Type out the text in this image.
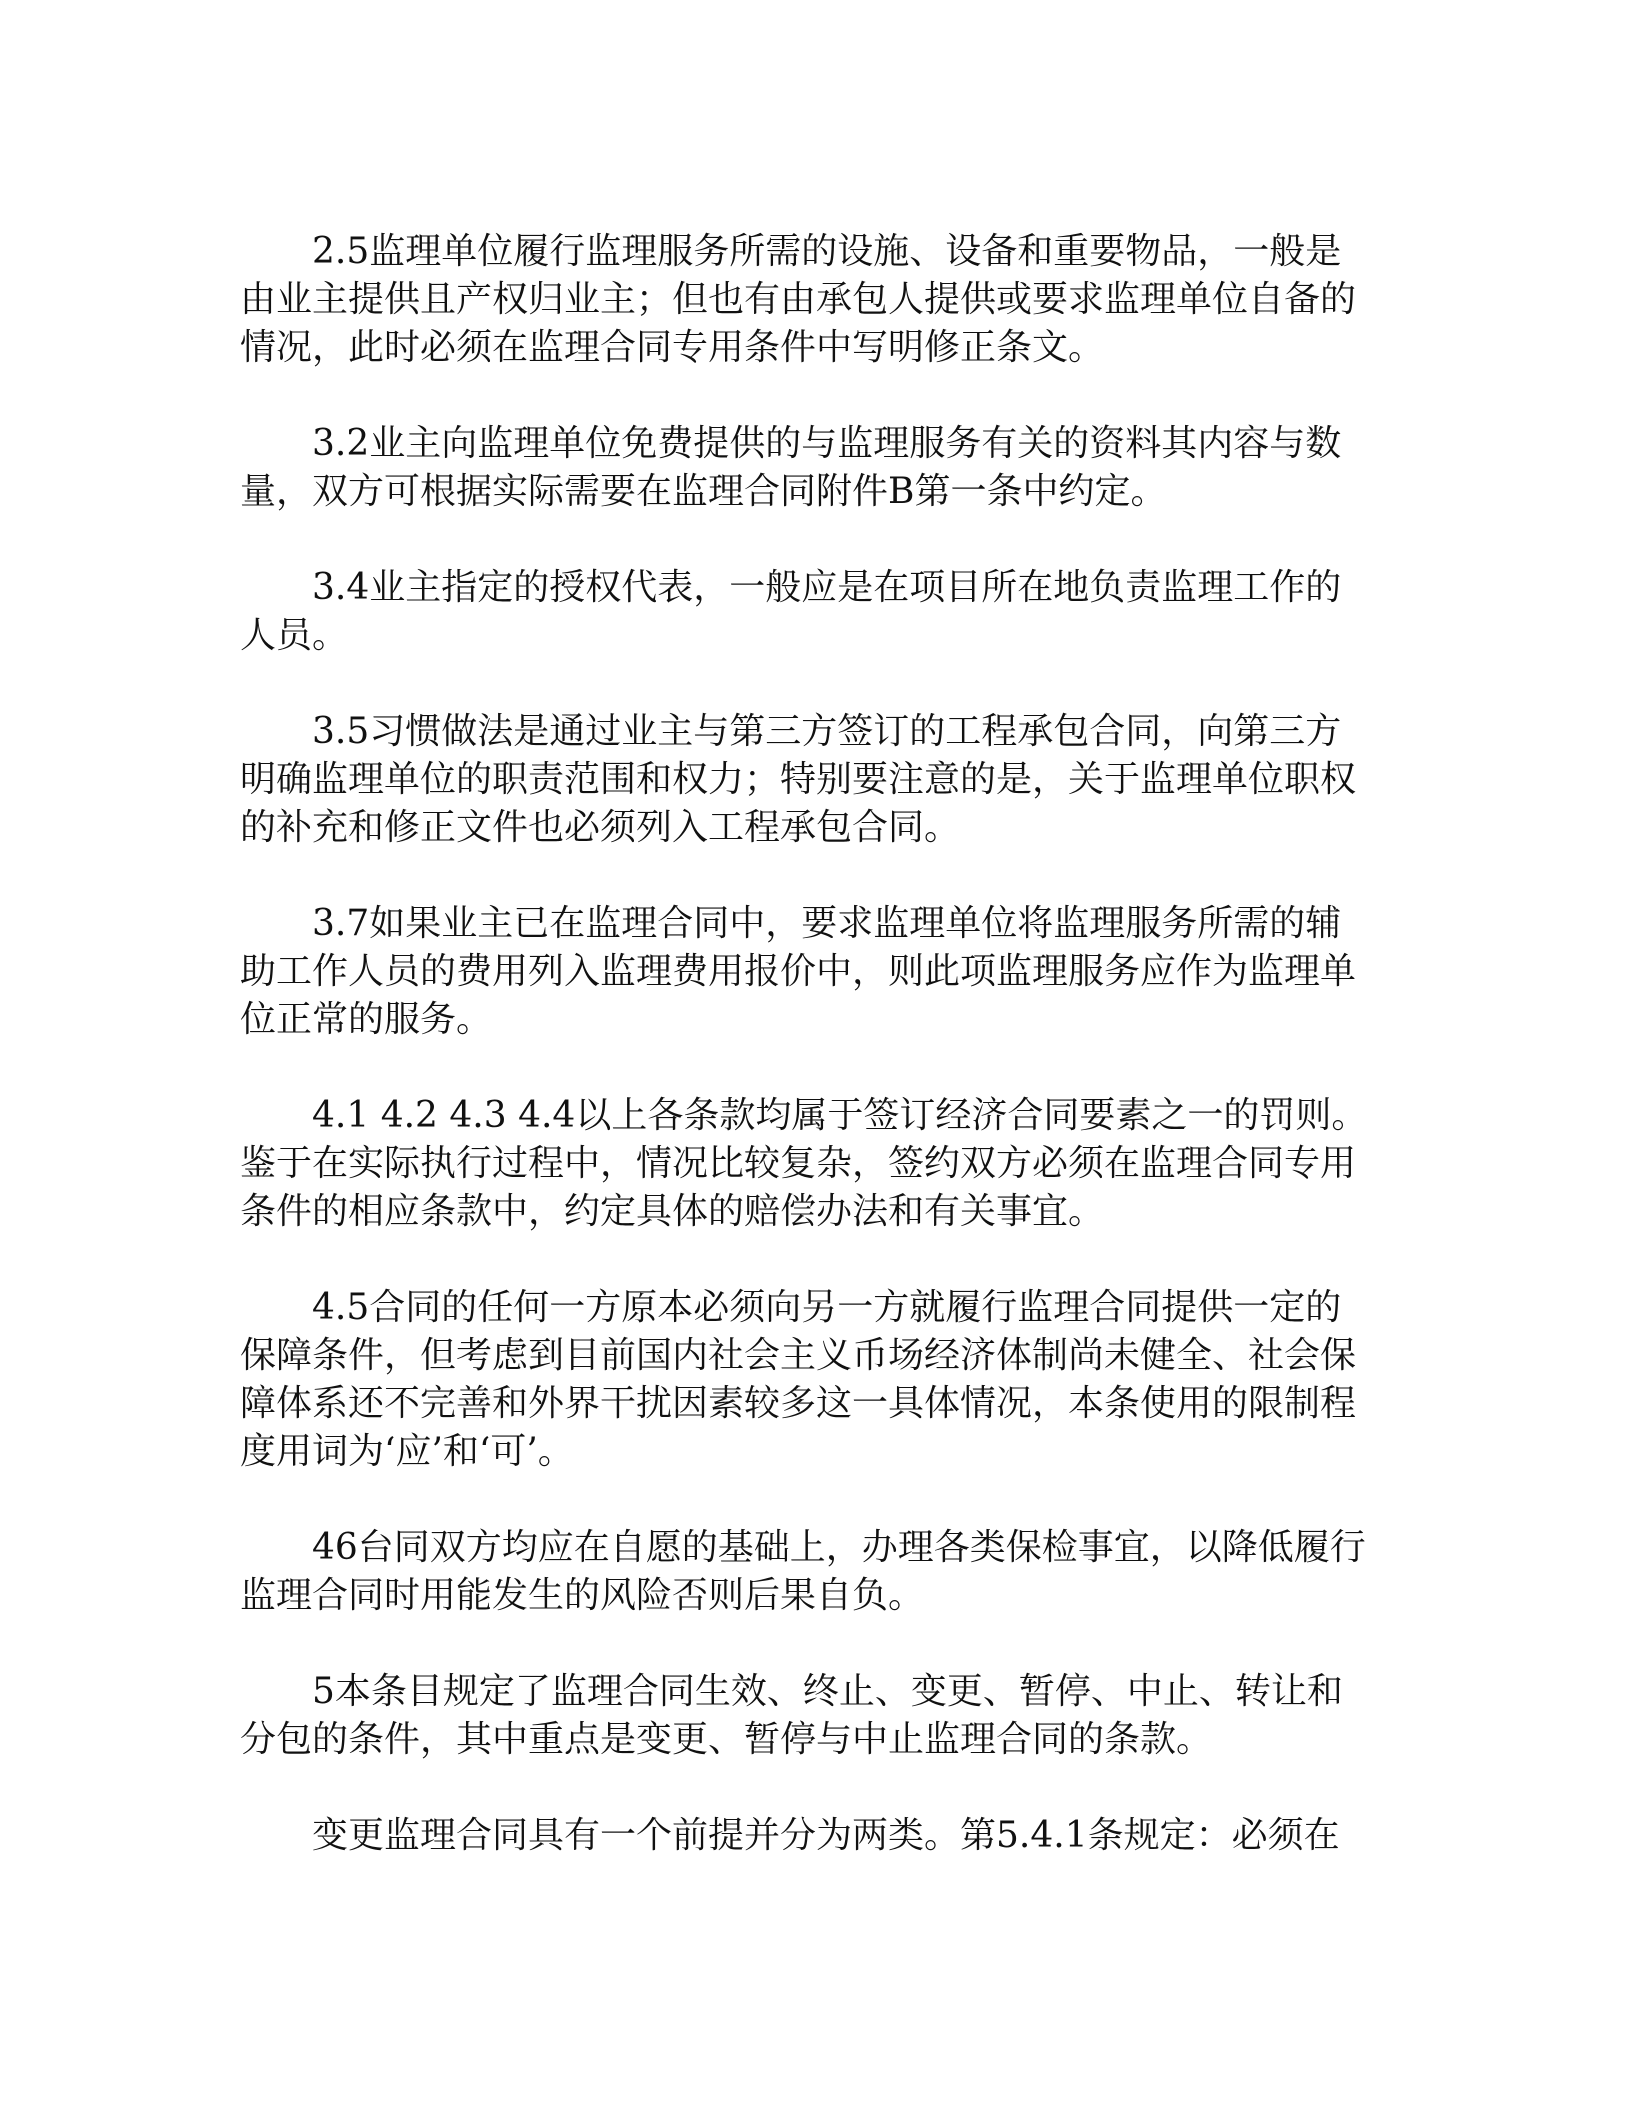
2.5监理单位履行监理服务所需的设施、设备和重要物品，一般是
由业主提供且产权归业主；但也有由承包人提供或要求监理单位自备的
情况，此时必须在监理合同专用条件中写明修正条文。

3.2业主向监理单位免费提供的与监理服务有关的资料其内容与数
量，双方可根据实际需要在监理合同附件B第一条中约定。

3.4业主指定的授权代表，一般应是在项目所在地负责监理工作的
人员。

3.5习惯做法是通过业主与第三方签订的工程承包合同，向第三方
明确监理单位的职责范围和权力；特别要注意的是，关于监理单位职权
的补充和修正文件也必须列入工程承包合同。

3.7如果业主已在监理合同中，要求监理单位将监理服务所需的辅
助工作人员的费用列入监理费用报价中，则此项监理服务应作为监理单
位正常的服务。

4.1 4.2 4.3 4.4以上各条款均属于签订经济合同要素之一的罚则。
鉴于在实际执行过程中，情况比较复杂，签约双方必须在监理合同专用
条件的相应条款中，约定具体的赔偿办法和有关事宜。

4.5合同的任何一方原本必须向另一方就履行监理合同提供一定的
保障条件，但考虑到目前国内社会主义币场经济体制尚未健全、社会保
障体系还不完善和外界干扰因素较多这一具体情况，本条使用的限制程
度用词为‘应’和‘可’。

46台同双方均应在自愿的基础上，办理各类保检事宜，以降低履行
监理合同时用能发生的风险否则后果自负。

5本条目规定了监理合同生效、终止、变更、暂停、中止、转让和
分包的条件，其中重点是变更、暂停与中止监理合同的条款。

变更监理合同具有一个前提并分为两类。第5.4.1条规定：必须在
